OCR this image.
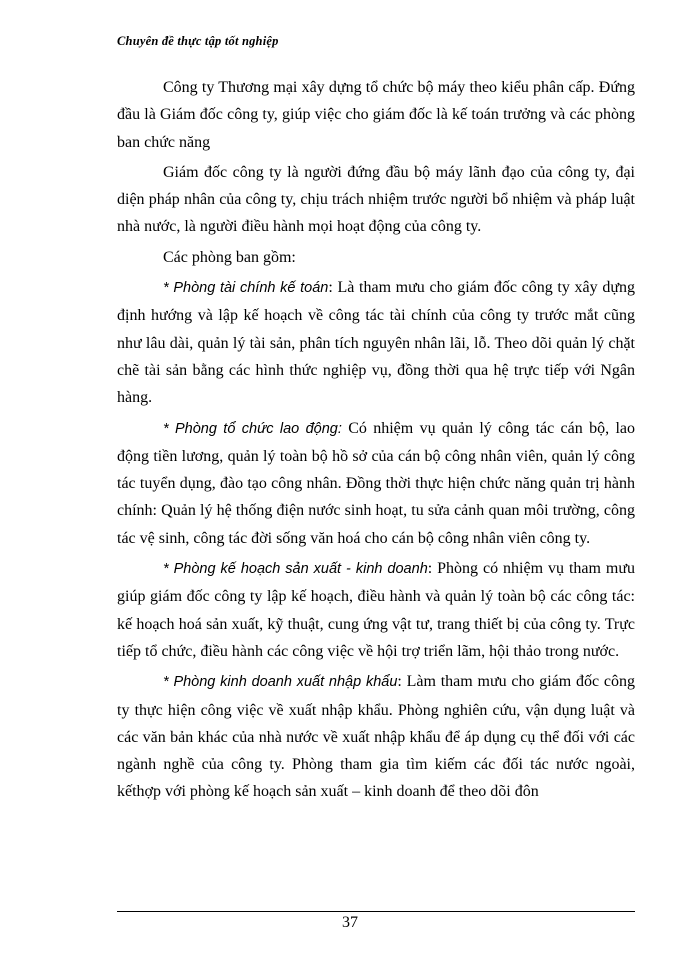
Chuyên đề thực tập tốt nghiệp

Công ty Thương mại xây dựng tổ chức bộ máy theo kiểu phân cấp. Đứng đầu là Giám đốc công ty, giúp việc cho giám đốc là kế toán trưởng và các phòng ban chức năng

Giám đốc công ty là người đứng đầu bộ máy lãnh đạo của công ty, đại diện pháp nhân của công ty, chịu trách nhiệm trước người bổ nhiệm và pháp luật nhà nước, là người điều hành mọi hoạt động của công ty.

Các phòng ban gồm:

* Phòng tài chính kế toán: Là tham mưu cho giám đốc công ty xây dựng định hướng và lập kế hoạch về công tác tài chính của công ty trước mắt cũng như lâu dài, quản lý tài sản, phân tích nguyên nhân lãi, lỗ. Theo dõi quản lý chặt chẽ tài sản bằng các hình thức nghiệp vụ, đồng thời qua hệ trực tiếp với Ngân hàng.

* Phòng tổ chức lao động: Có nhiệm vụ quản lý công tác cán bộ, lao động tiền lương, quản lý toàn bộ hồ sở của cán bộ công nhân viên, quản lý công tác tuyển dụng, đào tạo công nhân. Đồng thời thực hiện chức năng quản trị hành chính: Quản lý hệ thống điện nước sinh hoạt, tu sửa cảnh quan môi trường, công tác vệ sinh, công tác đời sống văn hoá cho cán bộ công nhân viên công ty.

* Phòng kế hoạch sản xuất - kinh doanh: Phòng có nhiệm vụ tham mưu giúp giám đốc công ty lập kế hoạch, điều hành và quản lý toàn bộ các công tác: kế hoạch hoá sản xuất, kỹ thuật, cung ứng vật tư, trang thiết bị của công ty. Trực tiếp tổ chức, điều hành các công việc về hội trợ triển lãm, hội thảo trong nước.

* Phòng kinh doanh xuất nhập khẩu: Làm tham mưu cho giám đốc công ty thực hiện công việc về xuất nhập khẩu. Phòng nghiên cứu, vận dụng luật và các văn bản khác của nhà nước về xuất nhập khẩu để áp dụng cụ thể đối với các ngành nghề của công ty. Phòng tham gia tìm kiếm các đối tác nước ngoài, kếthợp với phòng kế hoạch sản xuất – kinh doanh để theo dõi đôn

37
